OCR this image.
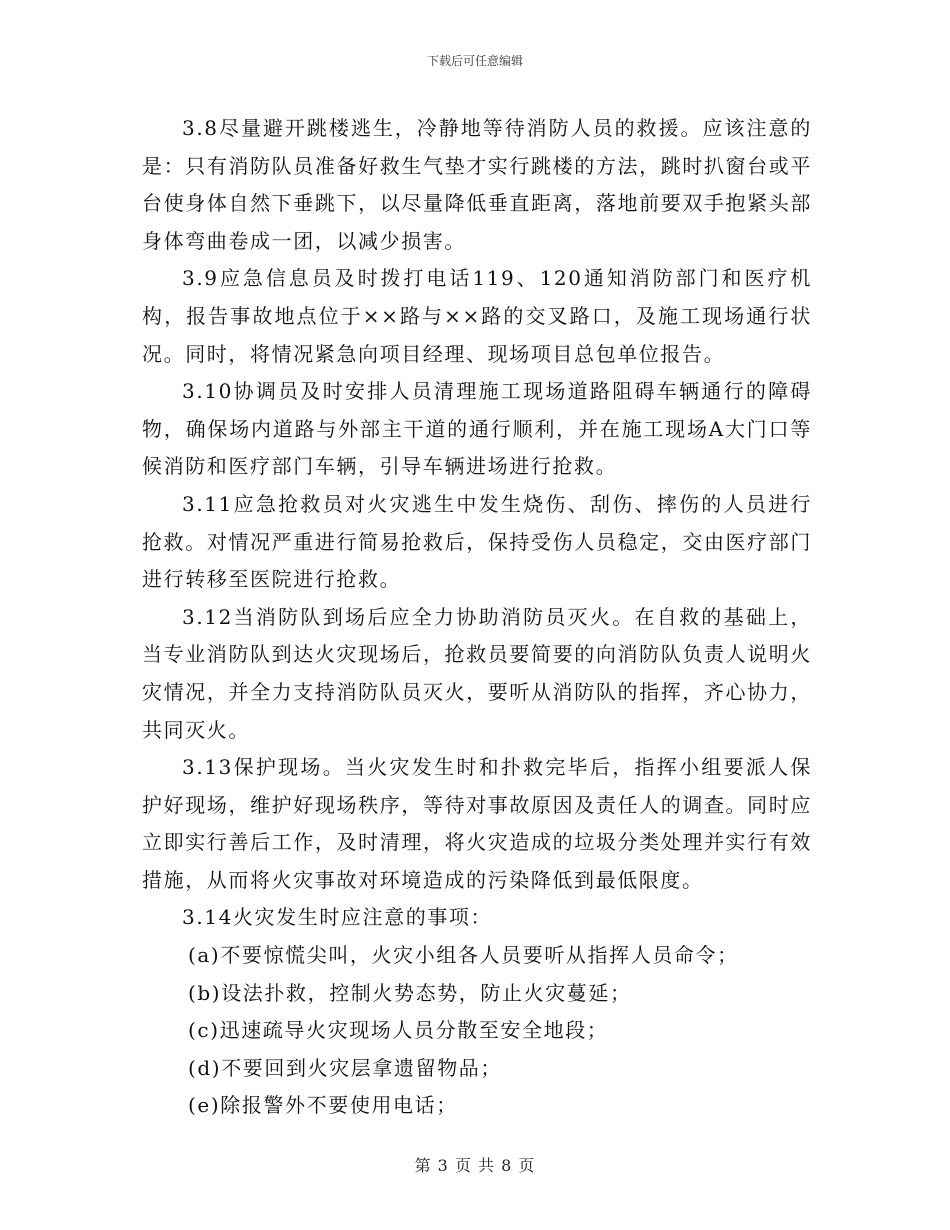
下载后可任意编辑

3.8尽量避开跳楼逃生，冷静地等待消防人员的救援。应该注意的是：只有消防队员准备好救生气垫才实行跳楼的方法，跳时扒窗台或平台使身体自然下垂跳下，以尽量降低垂直距离，落地前要双手抱紧头部身体弯曲卷成一团，以减少损害。

3.9应急信息员及时拨打电话119、120通知消防部门和医疗机构，报告事故地点位于××路与××路的交叉路口，及施工现场通行状况。同时，将情况紧急向项目经理、现场项目总包单位报告。

3.10协调员及时安排人员清理施工现场道路阻碍车辆通行的障碍物，确保场内道路与外部主干道的通行顺利，并在施工现场A大门口等候消防和医疗部门车辆，引导车辆进场进行抢救。

3.11应急抢救员对火灾逃生中发生烧伤、刮伤、摔伤的人员进行抢救。对情况严重进行简易抢救后，保持受伤人员稳定，交由医疗部门进行转移至医院进行抢救。

3.12当消防队到场后应全力协助消防员灭火。在自救的基础上，当专业消防队到达火灾现场后，抢救员要简要的向消防队负责人说明火灾情况，并全力支持消防队员灭火，要听从消防队的指挥，齐心协力，共同灭火。

3.13保护现场。当火灾发生时和扑救完毕后，指挥小组要派人保护好现场，维护好现场秩序，等待对事故原因及责任人的调查。同时应立即实行善后工作，及时清理，将火灾造成的垃圾分类处理并实行有效措施，从而将火灾事故对环境造成的污染降低到最低限度。

3.14火灾发生时应注意的事项：

(a)不要惊慌尖叫，火灾小组各人员要听从指挥人员命令；

(b)设法扑救，控制火势态势，防止火灾蔓延；

(c)迅速疏导火灾现场人员分散至安全地段；

(d)不要回到火灾层拿遗留物品；

(e)除报警外不要使用电话；

第 3 页 共 8 页
